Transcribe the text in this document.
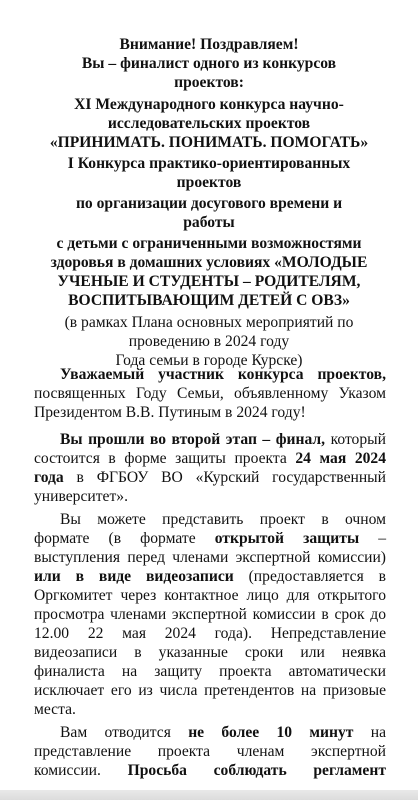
Внимание! Поздравляем!
Вы – финалист одного из конкурсов
проектов:
XI Международного конкурса научно-
исследовательских проектов
«ПРИНИМАТЬ. ПОНИМАТЬ. ПОМОГАТЬ»
I Конкурса практико-ориентированных
проектов
по организации досугового времени и
работы
с детьми с ограниченными возможностями
здоровья в домашних условиях «МОЛОДЫЕ
УЧЕНЫЕ И СТУДЕНТЫ – РОДИТЕЛЯМ,
ВОСПИТЫВАЮЩИМ ДЕТЕЙ С ОВЗ»
(в рамках Плана основных мероприятий по
проведению в 2024 году
Года семьи в городе Курске)
Уважаемый участник конкурса проектов,
посвященных Году Семьи, объявленному Указом
Президентом В.В. Путиным в 2024 году!
Вы прошли во второй этап – финал, который
состоится в форме защиты проекта 24 мая 2024
года в ФГБОУ ВО «Курский государственный
университет».
Вы можете представить проект в очном
формате (в формате открытой защиты –
выступления перед членами экспертной комиссии)
или в виде видеозаписи (предоставляется в
Оргкомитет через контактное лицо для открытого
просмотра членами экспертной комиссии в срок до
12.00 22 мая 2024 года). Непредставление
видеозаписи в указанные сроки или неявка
финалиста на защиту проекта автоматически
исключает его из числа претендентов на призовые
места.
Вам отводится не более 10 минут на
представление проекта членам экспертной
комиссии. Просьба соблюдать регламент
